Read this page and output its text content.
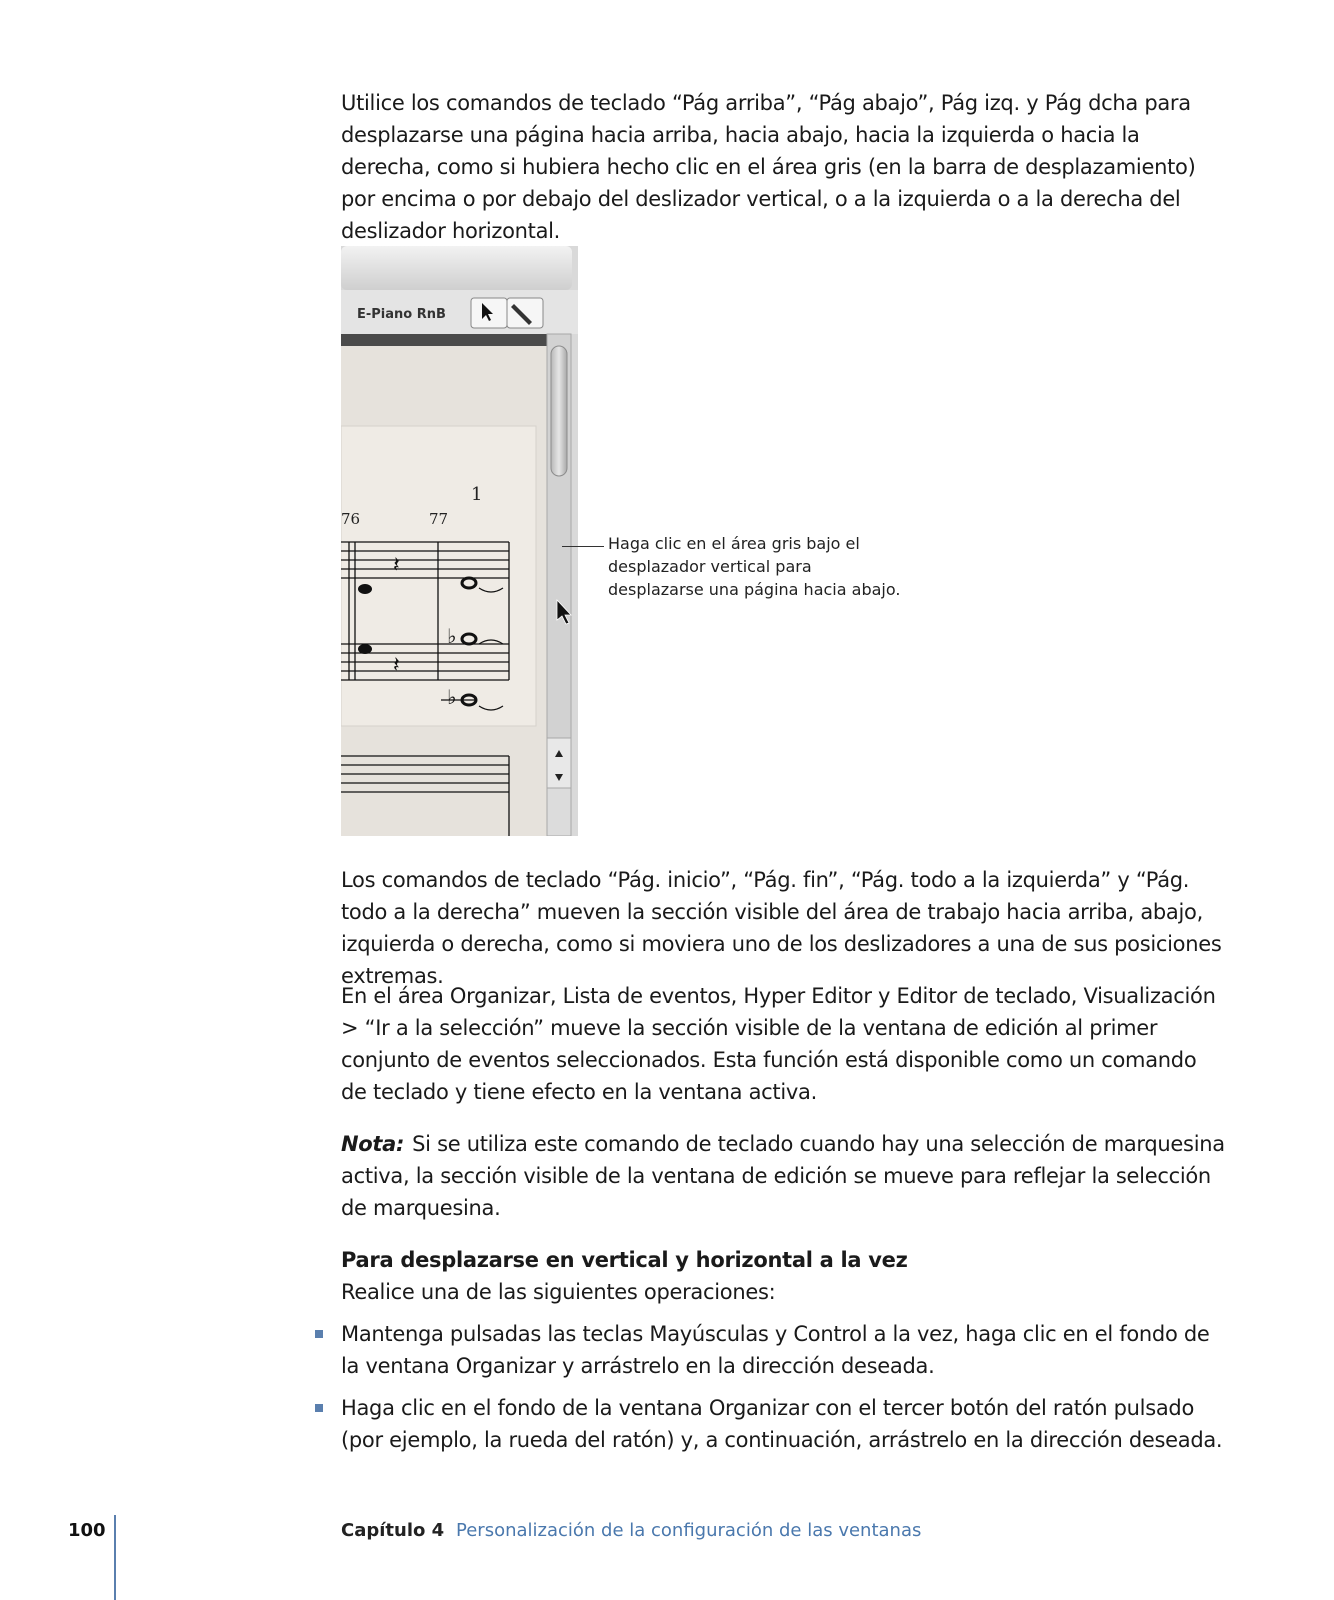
Utilice los comandos de teclado “Pág arriba”, “Pág abajo”, Pág izq. y Pág dcha para desplazarse una página hacia arriba, hacia abajo, hacia la izquierda o hacia la derecha, como si hubiera hecho clic en el área gris (en la barra de desplazamiento) por encima o por debajo del deslizador vertical, o a la izquierda o a la derecha del deslizador horizontal.

E-Piano RnB
76	77
1
♭
♭
𝄽
𝄽
Haga clic en el área gris bajo el desplazador vertical para desplazarse una página hacia abajo.

Los comandos de teclado “Pág. inicio”, “Pág. fin”, “Pág. todo a la izquierda” y “Pág. todo a la derecha” mueven la sección visible del área de trabajo hacia arriba, abajo, izquierda o derecha, como si moviera uno de los deslizadores a una de sus posiciones extremas.

En el área Organizar, Lista de eventos, Hyper Editor y Editor de teclado, Visualización > “Ir a la selección” mueve la sección visible de la ventana de edición al primer conjunto de eventos seleccionados. Esta función está disponible como un comando de teclado y tiene efecto en la ventana activa.

Nota: Si se utiliza este comando de teclado cuando hay una selección de marquesina activa, la sección visible de la ventana de edición se mueve para reflejar la selección de marquesina.

Para desplazarse en vertical y horizontal a la vez
Realice una de las siguientes operaciones:

Mantenga pulsadas las teclas Mayúsculas y Control a la vez, haga clic en el fondo de la ventana Organizar y arrástrelo en la dirección deseada.
Haga clic en el fondo de la ventana Organizar con el tercer botón del ratón pulsado (por ejemplo, la rueda del ratón) y, a continuación, arrástrelo en la dirección deseada.
100	Capítulo 4 Personalización de la configuración de las ventanas
